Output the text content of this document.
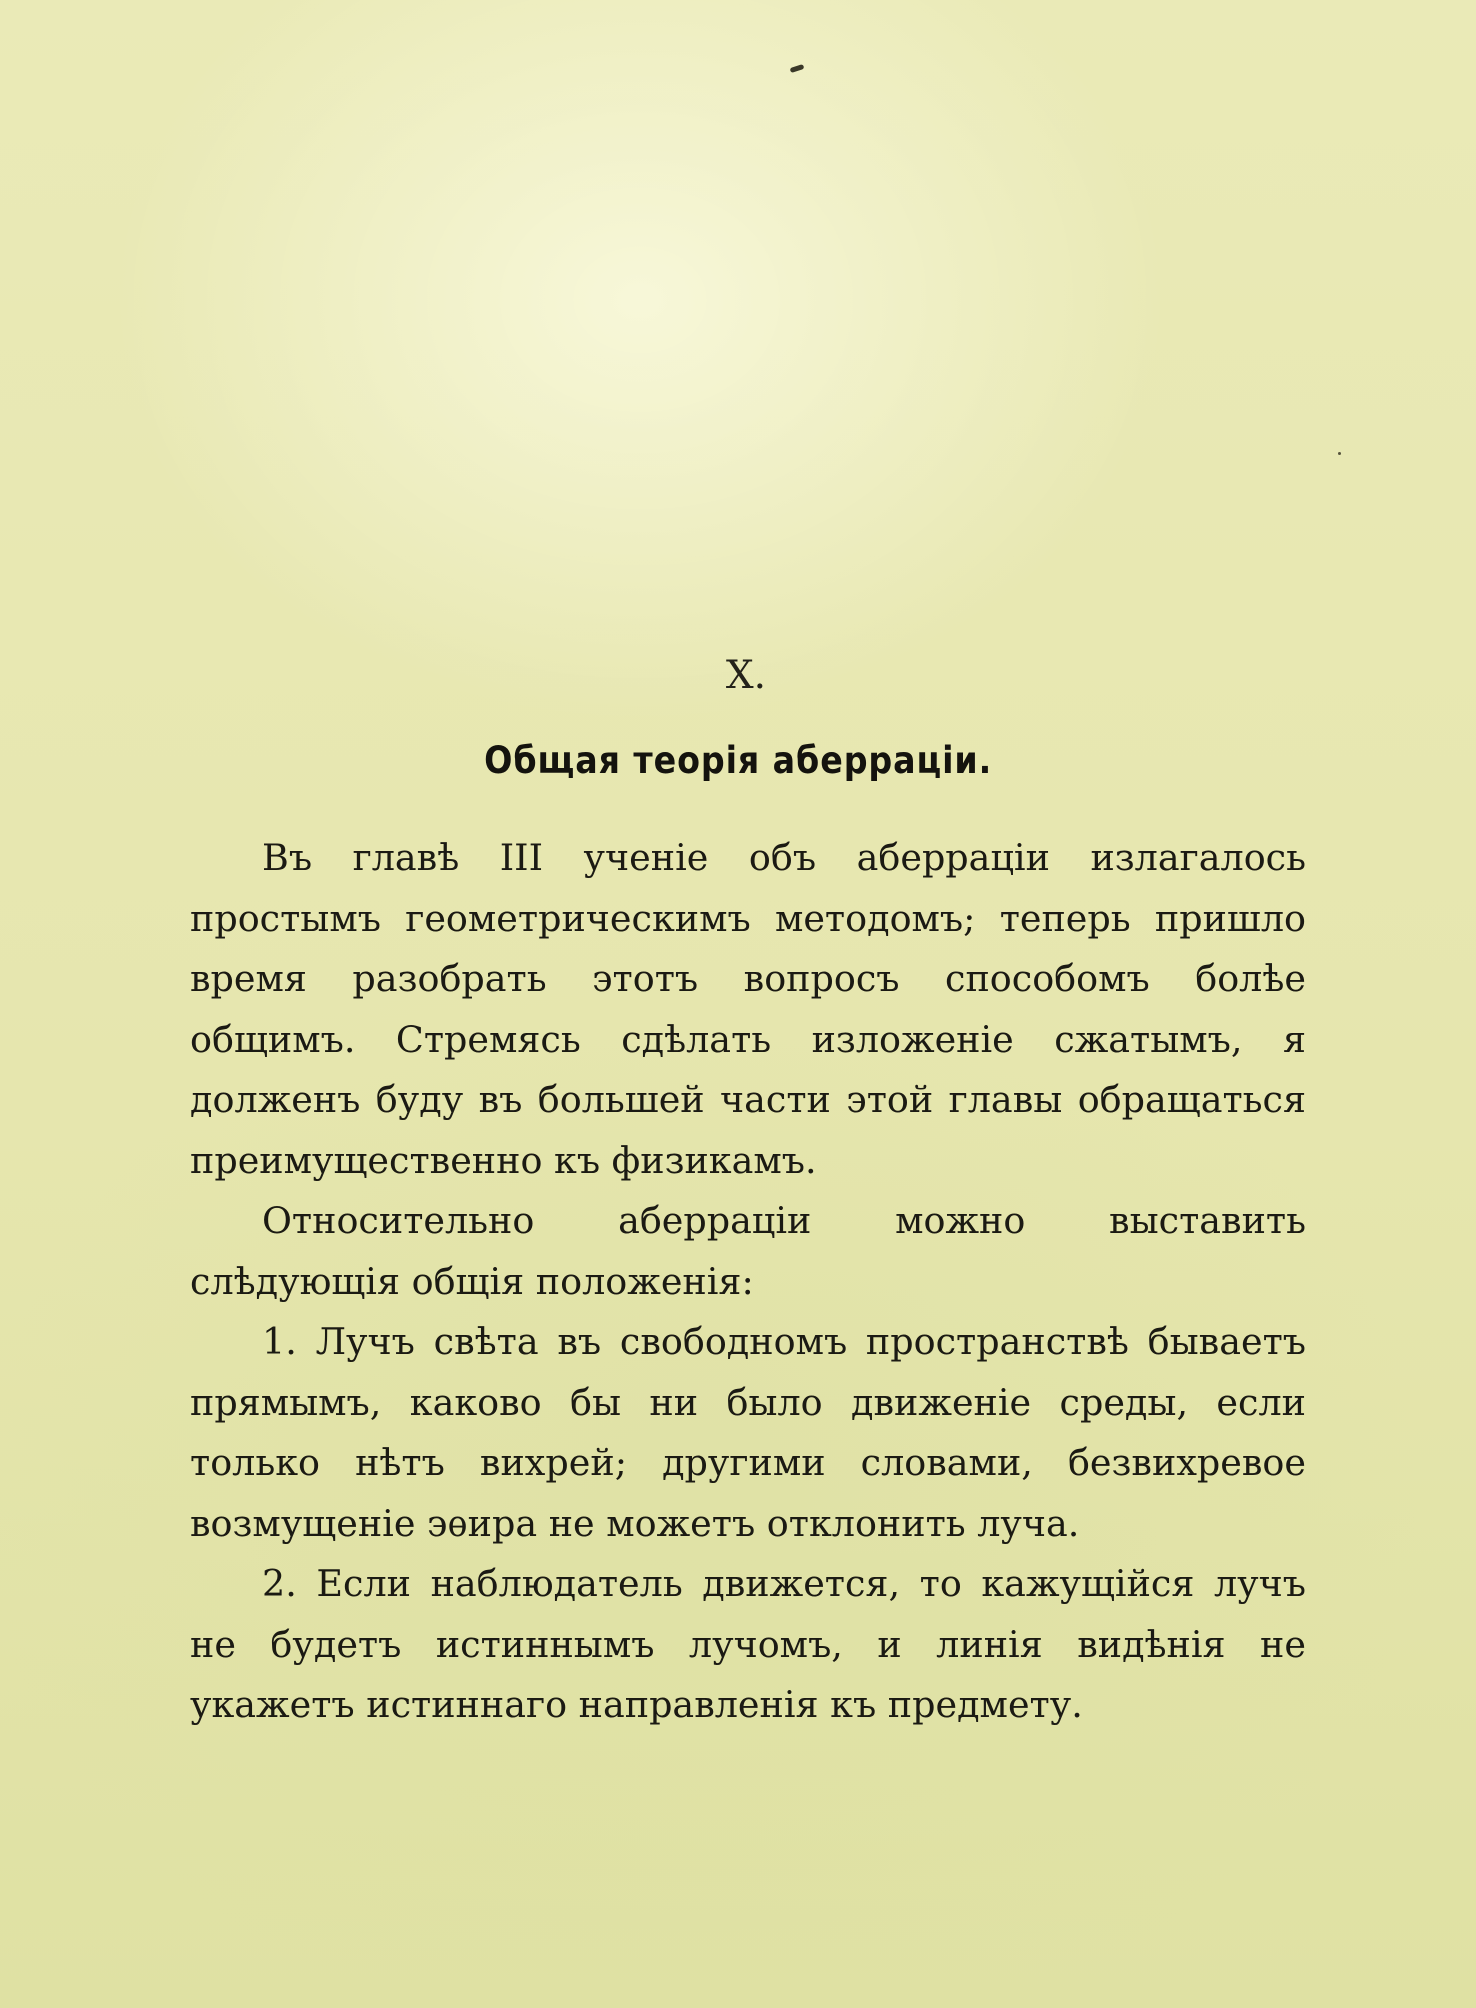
X.
Общая теорія аберраціи.

Въ главѣ III ученіе объ аберраціи излагалось простымъ геометрическимъ методомъ; теперь пришло время разобрать этотъ вопросъ способомъ болѣе общимъ. Стремясь сдѣлать изложеніе сжатымъ, я долженъ буду въ большей части этой главы обращаться преимущественно къ физикамъ.

Относительно аберраціи можно выставить слѣдующія общія положенія:

1. Лучъ свѣта въ свободномъ пространствѣ бываетъ прямымъ, каково бы ни было движеніе среды, если только нѣтъ вихрей; другими словами, безвихревое возмущеніе эѳира не можетъ отклонить луча.

2. Если наблюдатель движется, то кажущійся лучъ не будетъ истиннымъ лучомъ, и линія видѣнія не укажетъ истиннаго направленія къ предмету.
